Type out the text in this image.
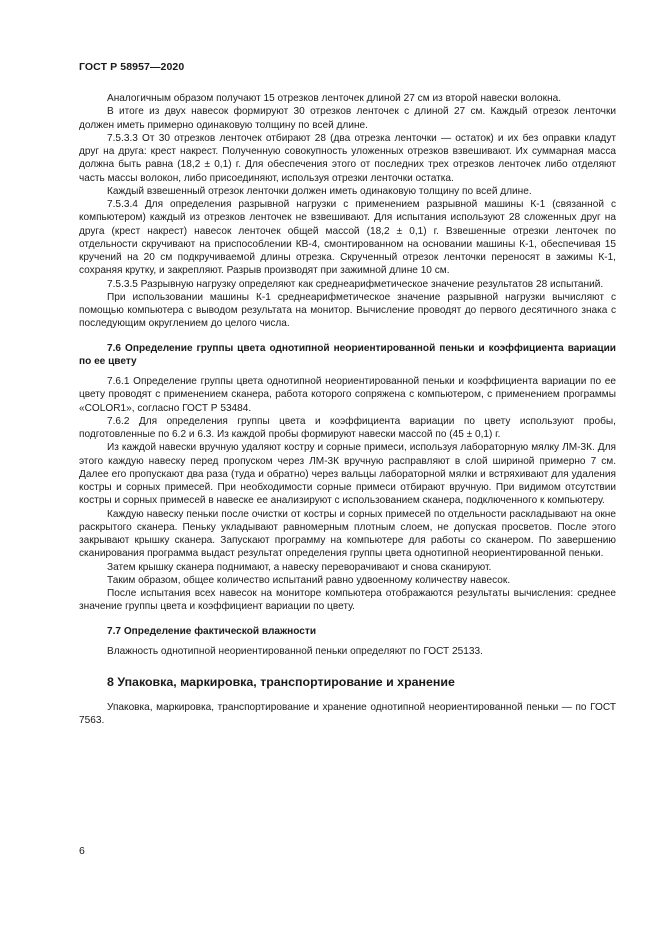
ГОСТ Р 58957—2020

Аналогичным образом получают 15 отрезков ленточек длиной 27 см из второй навески волокна.

В итоге из двух навесок формируют 30 отрезков ленточек с длиной 27 см. Каждый отрезок ленточки должен иметь примерно одинаковую толщину по всей длине.

7.5.3.3 От 30 отрезков ленточек отбирают 28 (два отрезка ленточки — остаток) и их без оправки кладут друг на друга: крест накрест. Полученную совокупность уложенных отрезков взвешивают. Их суммарная масса должна быть равна (18,2 ± 0,1) г. Для обеспечения этого от последних трех отрезков ленточек либо отделяют часть массы волокон, либо присоединяют, используя отрезки ленточки остатка.

Каждый взвешенный отрезок ленточки должен иметь одинаковую толщину по всей длине.

7.5.3.4 Для определения разрывной нагрузки с применением разрывной машины К-1 (связанной с компьютером) каждый из отрезков ленточек не взвешивают. Для испытания используют 28 сложенных друг на друга (крест накрест) навесок ленточек общей массой (18,2 ± 0,1) г. Взвешенные отрезки ленточек по отдельности скручивают на приспособлении КВ-4, смонтированном на основании машины К-1, обеспечивая 15 кручений на 20 см подкручиваемой длины отрезка. Скрученный отрезок ленточки переносят в зажимы К-1, сохраняя крутку, и закрепляют. Разрыв производят при зажимной длине 10 см.

7.5.3.5 Разрывную нагрузку определяют как среднеарифметическое значение результатов 28 испытаний.

При использовании машины К-1 среднеарифметическое значение разрывной нагрузки вычисляют с помощью компьютера с выводом результата на монитор. Вычисление проводят до первого десятичного знака с последующим округлением до целого числа.

7.6 Определение группы цвета однотипной неориентированной пеньки и коэффициента вариации по ее цвету

7.6.1 Определение группы цвета однотипной неориентированной пеньки и коэффициента вариации по ее цвету проводят с применением сканера, работа которого сопряжена с компьютером, с применением программы «COLOR1», согласно ГОСТ Р 53484.

7.6.2 Для определения группы цвета и коэффициента вариации по цвету используют пробы, подготовленные по 6.2 и 6.3. Из каждой пробы формируют навески массой по (45 ± 0,1) г.

Из каждой навески вручную удаляют костру и сорные примеси, используя лабораторную мялку ЛМ-3К. Для этого каждую навеску перед пропуском через ЛМ-3К вручную расправляют в слой шириной примерно 7 см. Далее его пропускают два раза (туда и обратно) через вальцы лабораторной мялки и встряхивают для удаления костры и сорных примесей. При необходимости сорные примеси отбирают вручную. При видимом отсутствии костры и сорных примесей в навеске ее анализируют с использованием сканера, подключенного к компьютеру.

Каждую навеску пеньки после очистки от костры и сорных примесей по отдельности раскладывают на окне раскрытого сканера. Пеньку укладывают равномерным плотным слоем, не допуская просветов. После этого закрывают крышку сканера. Запускают программу на компьютере для работы со сканером. По завершению сканирования программа выдаст результат определения группы цвета однотипной неориентированной пеньки.

Затем крышку сканера поднимают, а навеску переворачивают и снова сканируют.

Таким образом, общее количество испытаний равно удвоенному количеству навесок.

После испытания всех навесок на мониторе компьютера отображаются результаты вычисления: среднее значение группы цвета и коэффициент вариации по цвету.

7.7 Определение фактической влажности

Влажность однотипной неориентированной пеньки определяют по ГОСТ 25133.

8 Упаковка, маркировка, транспортирование и хранение

Упаковка, маркировка, транспортирование и хранение однотипной неориентированной пеньки — по ГОСТ 7563.

6
